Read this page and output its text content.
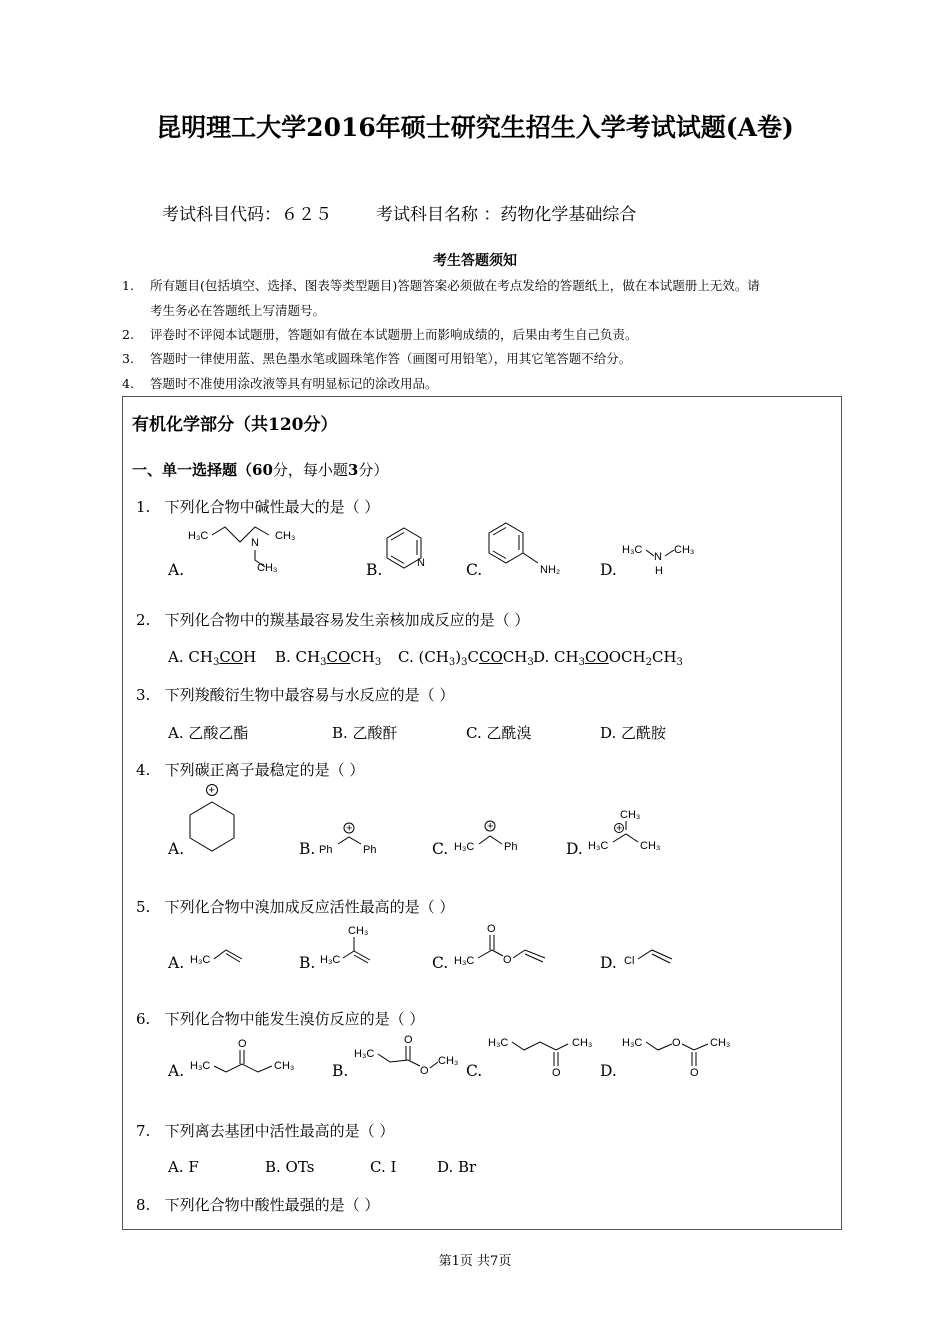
昆明理工大学2016年硕士研究生招生入学考试试题(A卷)
考试科目代码：６２５	考试科目名称 ：药物化学基础综合
考生答题须知
1. 所有题目(包括填空、选择、图表等类型题目)答题答案必须做在考点发给的答题纸上，做在本试题册上无效。请
考生务必在答题纸上写清题号。
2. 评卷时不评阅本试题册，答题如有做在本试题册上而影响成绩的，后果由考生自己负责。
3. 答题时一律使用蓝、黑色墨水笔或圆珠笔作答（画图可用铅笔），用其它笔答题不给分。
4. 答题时不准使用涂改液等具有明显标记的涂改用品。
有机化学部分（共120分）
一、单一选择题（60分，每小题3分）
1. 下列化合物中碱性最大的是（ ）
A.	B.	C.	D.
H₃C
N
CH₃
CH₃	N
NH₂
H₃C
N
H
CH₃
2. 下列化合物中的羰基最容易发生亲核加成反应的是（ ）
A. $CH_3COH$ B. $CH_3COCH_3$ C. $(CH_3)_3CCOCH_3$ D. $CH_3COOCH_2CH_3$
3. 下列羧酸衍生物中最容易与水反应的是（ ）
A. 乙酸乙酯	B. 乙酸酐	C. 乙酰溴	D. 乙酰胺
4. 下列碳正离子最稳定的是（ ）
A.	B.	C.	D.
+
+
Ph	Ph
+
H₃C	Ph
CH₃
+
H₃C	CH₃
5. 下列化合物中溴加成反应活性最高的是（ ）
A.	B.	C.	D.
H₃C
CH₃
H₃C
O
H₃C	O	Cl
6. 下列化合物中能发生溴仿反应的是（ ）
A.	B.	C.	D.
O
H₃C	CH₃
O
H₃C
O
CH₃
H₃C	CH₃
O
H₃C	O	CH₃
O
7. 下列离去基团中活性最高的是（ ）
A. F	B. OTs	C. I	D. Br
8. 下列化合物中酸性最强的是（ ）
第1页 共7页
